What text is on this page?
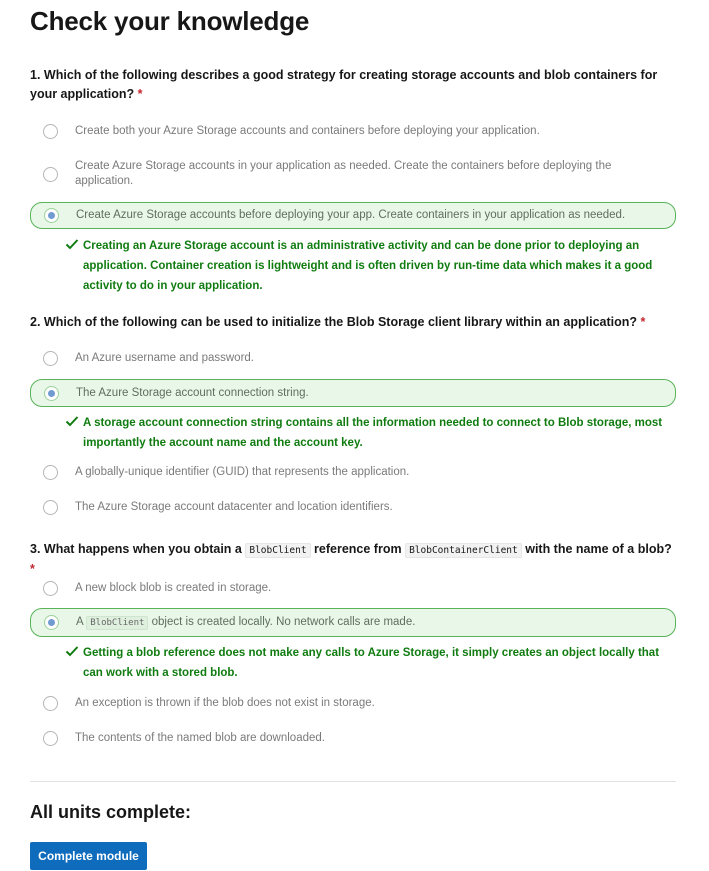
Check your knowledge
1. Which of the following describes a good strategy for creating storage accounts and blob containers for your application? *
Create both your Azure Storage accounts and containers before deploying your application.
Create Azure Storage accounts in your application as needed. Create the containers before deploying the application.
Create Azure Storage accounts before deploying your app. Create containers in your application as needed.
Creating an Azure Storage account is an administrative activity and can be done prior to deploying an application. Container creation is lightweight and is often driven by run-time data which makes it a good activity to do in your application.
2. Which of the following can be used to initialize the Blob Storage client library within an application? *
An Azure username and password.
The Azure Storage account connection string.
A storage account connection string contains all the information needed to connect to Blob storage, most importantly the account name and the account key.
A globally-unique identifier (GUID) that represents the application.
The Azure Storage account datacenter and location identifiers.
3. What happens when you obtain a BlobClient reference from BlobContainerClient with the name of a blob? *
A new block blob is created in storage.
A BlobClient object is created locally. No network calls are made.
Getting a blob reference does not make any calls to Azure Storage, it simply creates an object locally that can work with a stored blob.
An exception is thrown if the blob does not exist in storage.
The contents of the named blob are downloaded.
All units complete:
Complete module
